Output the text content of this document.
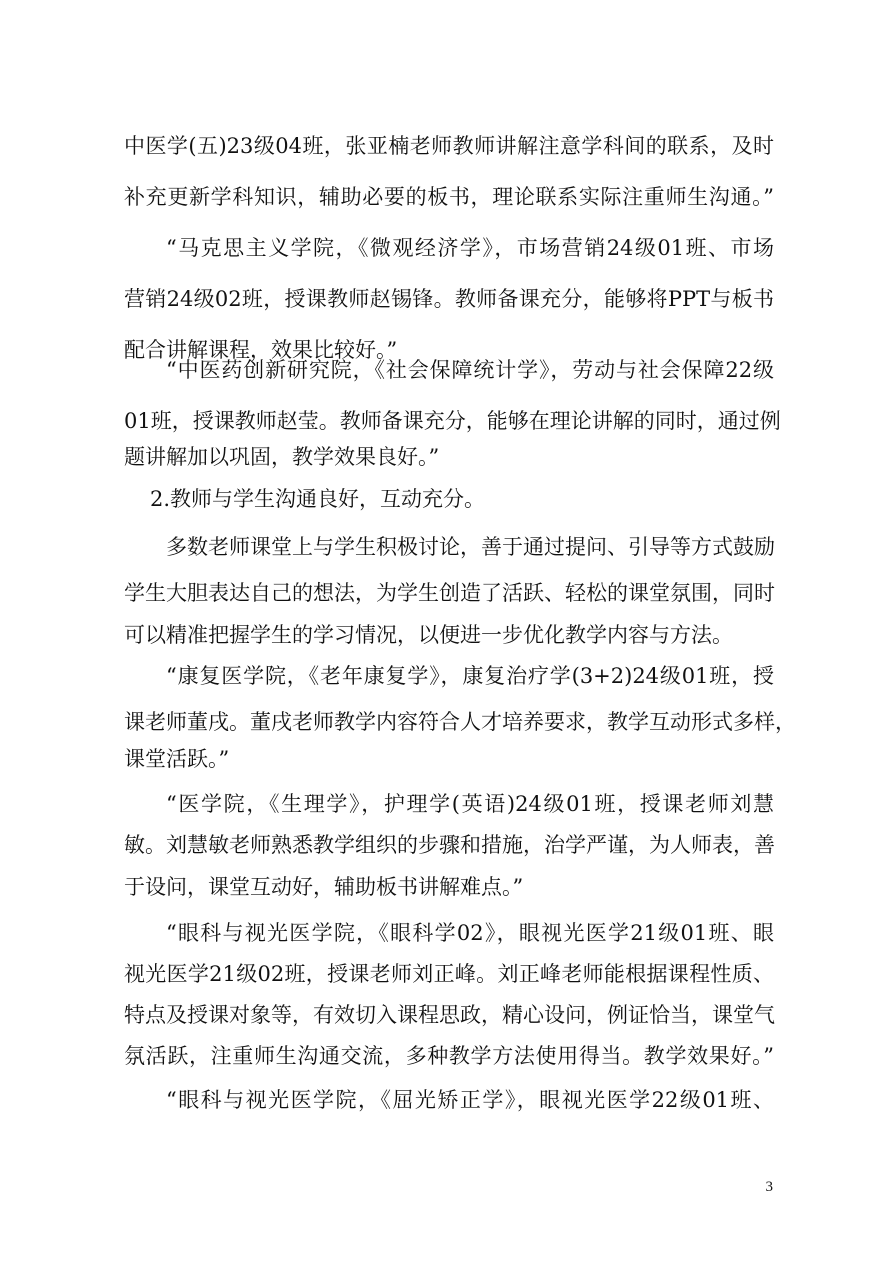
中医学(五)23级04班，张亚楠老师教师讲解注意学科间的联系，及时
补充更新学科知识，辅助必要的板书，理论联系实际注重师生沟通。”
“马克思主义学院，《微观经济学》，市场营销24级01班、市场
营销24级02班，授课教师赵锡锋。教师备课充分，能够将PPT与板书
配合讲解课程，效果比较好。”
“中医药创新研究院，《社会保障统计学》，劳动与社会保障22级
01班，授课教师赵莹。教师备课充分，能够在理论讲解的同时，通过例
题讲解加以巩固，教学效果良好。”
2.教师与学生沟通良好，互动充分。
多数老师课堂上与学生积极讨论，善于通过提问、引导等方式鼓励
学生大胆表达自己的想法，为学生创造了活跃、轻松的课堂氛围，同时
可以精准把握学生的学习情况，以便进一步优化教学内容与方法。
“康复医学院，《老年康复学》，康复治疗学(3+2)24级01班，授
课老师董戌。董戌老师教学内容符合人才培养要求，教学互动形式多样，
课堂活跃。”
“医学院，《生理学》，护理学(英语)24级01班，授课老师刘慧
敏。刘慧敏老师熟悉教学组织的步骤和措施，治学严谨，为人师表，善
于设问，课堂互动好，辅助板书讲解难点。”
“眼科与视光医学院，《眼科学02》，眼视光医学21级01班、眼
视光医学21级02班，授课老师刘正峰。刘正峰老师能根据课程性质、
特点及授课对象等，有效切入课程思政，精心设问，例证恰当，课堂气
氛活跃，注重师生沟通交流，多种教学方法使用得当。教学效果好。”
“眼科与视光医学院，《屈光矫正学》，眼视光医学22级01班、
3
